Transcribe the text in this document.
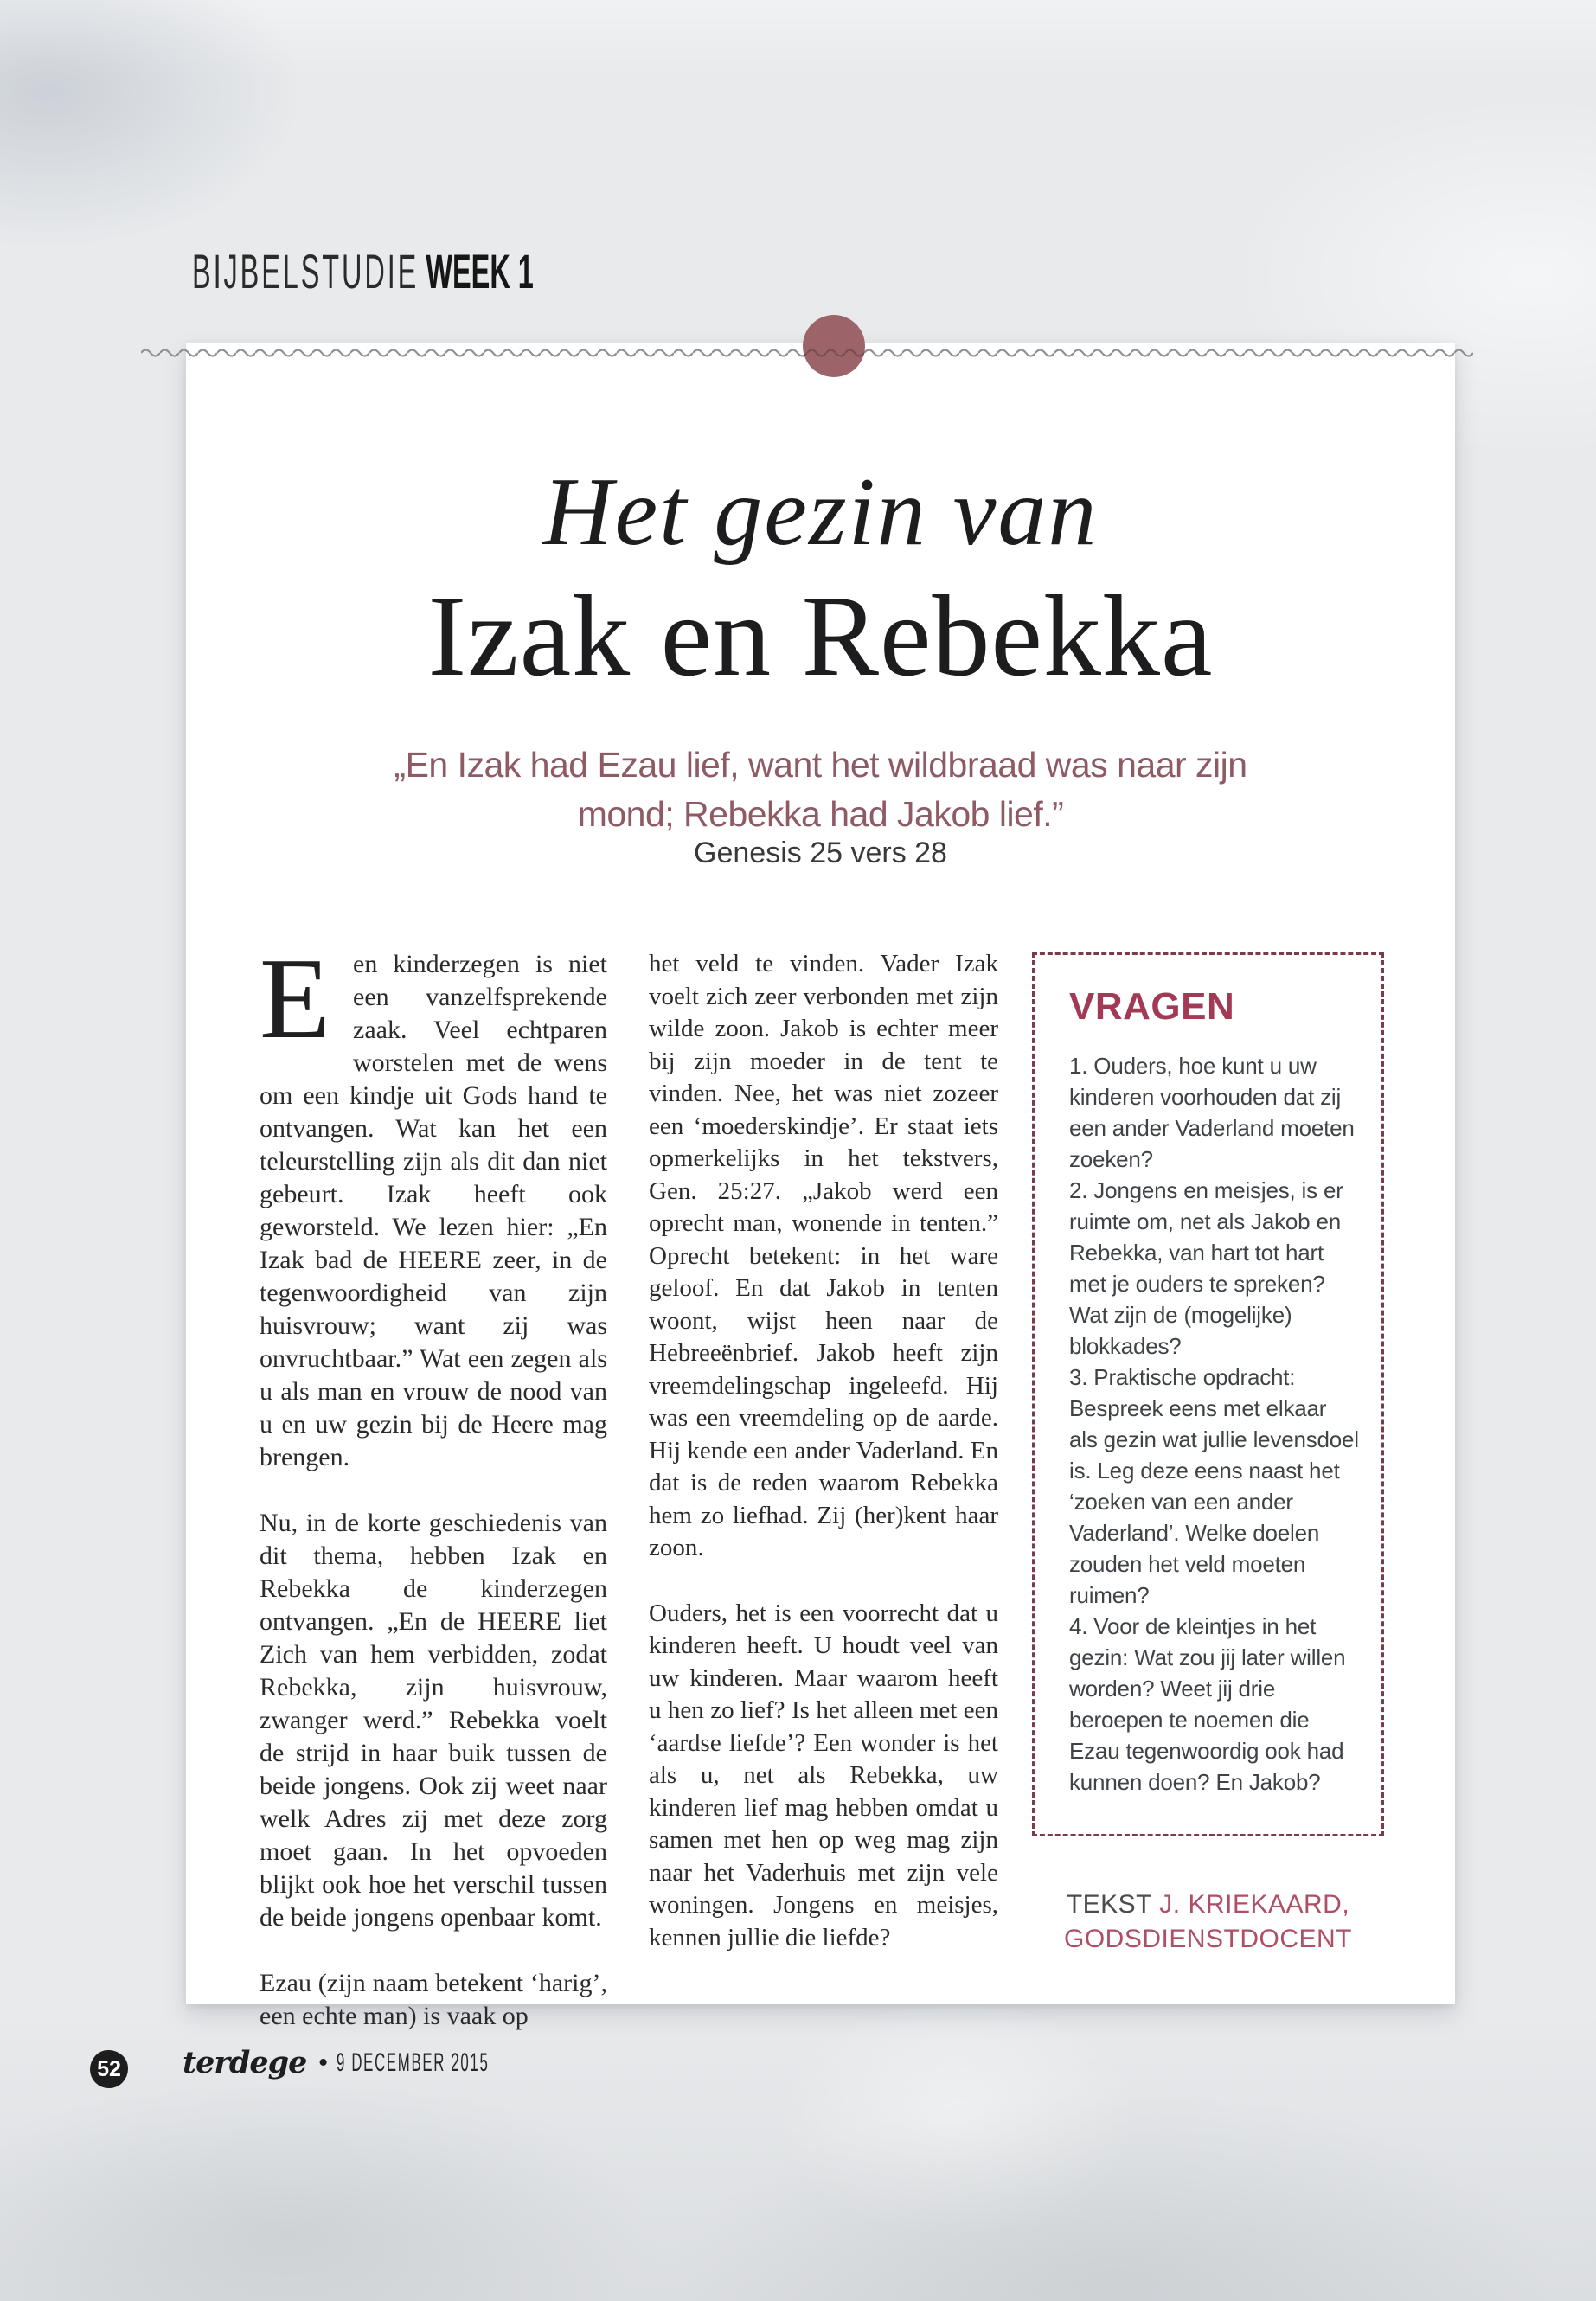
BIJBELSTUDIE WEEK 1
Het gezin van
Izak en Rebekka
„En Izak had Ezau lief, want het wildbraad was naar zijn
mond; Rebekka had Jakob lief.”
Genesis 25 vers 28

Een kinderzegen is niet een vanzelfsprekende zaak. Veel echtparen worstelen met de wens om een kindje uit Gods hand te ontvangen. Wat kan het een teleurstelling zijn als dit dan niet gebeurt. Izak heeft ook geworsteld. We lezen hier: „En Izak bad de HEERE zeer, in de tegenwoordigheid van zijn huisvrouw; want zij was onvruchtbaar.” Wat een zegen als u als man en vrouw de nood van u en uw gezin bij de Heere mag brengen.

Nu, in de korte geschiedenis van dit thema, hebben Izak en Rebekka de kinderzegen ontvangen. „En de HEERE liet Zich van hem verbidden, zodat Rebekka, zijn huisvrouw, zwanger werd.” Rebekka voelt de strijd in haar buik tussen de beide jongens. Ook zij weet naar welk Adres zij met deze zorg moet gaan. In het opvoeden blijkt ook hoe het verschil tussen de beide jongens openbaar komt.

Ezau (zijn naam betekent ‘harig’, een echte man) is vaak op

het veld te vinden. Vader Izak voelt zich zeer verbonden met zijn wilde zoon. Jakob is echter meer bij zijn moeder in de tent te vinden. Nee, het was niet zozeer een ‘moederskindje’. Er staat iets opmerkelijks in het tekstvers, Gen. 25:27. „Jakob werd een oprecht man, wonende in tenten.” Oprecht betekent: in het ware geloof. En dat Jakob in tenten woont, wijst heen naar de Hebreeënbrief. Jakob heeft zijn vreemdelingschap ingeleefd. Hij was een vreemdeling op de aarde. Hij kende een ander Vaderland. En dat is de reden waarom Rebekka hem zo liefhad. Zij (her)kent haar zoon.

Ouders, het is een voorrecht dat u kinderen heeft. U houdt veel van uw kinderen. Maar waarom heeft u hen zo lief? Is het alleen met een ‘aardse liefde’? Een wonder is het als u, net als Rebekka, uw kinderen lief mag hebben omdat u samen met hen op weg mag zijn naar het Vaderhuis met zijn vele woningen. Jongens en meisjes, kennen jullie die liefde?

VRAGEN
1. Ouders, hoe kunt u uw kinderen voorhouden dat zij een ander Vaderland moeten zoeken?
2. Jongens en meisjes, is er ruimte om, net als Jakob en Rebekka, van hart tot hart met je ouders te spreken? Wat zijn de (mogelijke) blokkades?
3. Praktische opdracht: Bespreek eens met elkaar als gezin wat jullie levensdoel is. Leg deze eens naast het ‘zoeken van een ander Vaderland’. Welke doelen zouden het veld moeten ruimen?
4. Voor de kleintjes in het gezin: Wat zou jij later willen worden? Weet jij drie beroepen te noemen die Ezau tegenwoordig ook had kunnen doen? En Jakob?
TEKST J. KRIEKAARD,
GODSDIENSTDOCENT
52 terdege • 9 DECEMBER 2015
